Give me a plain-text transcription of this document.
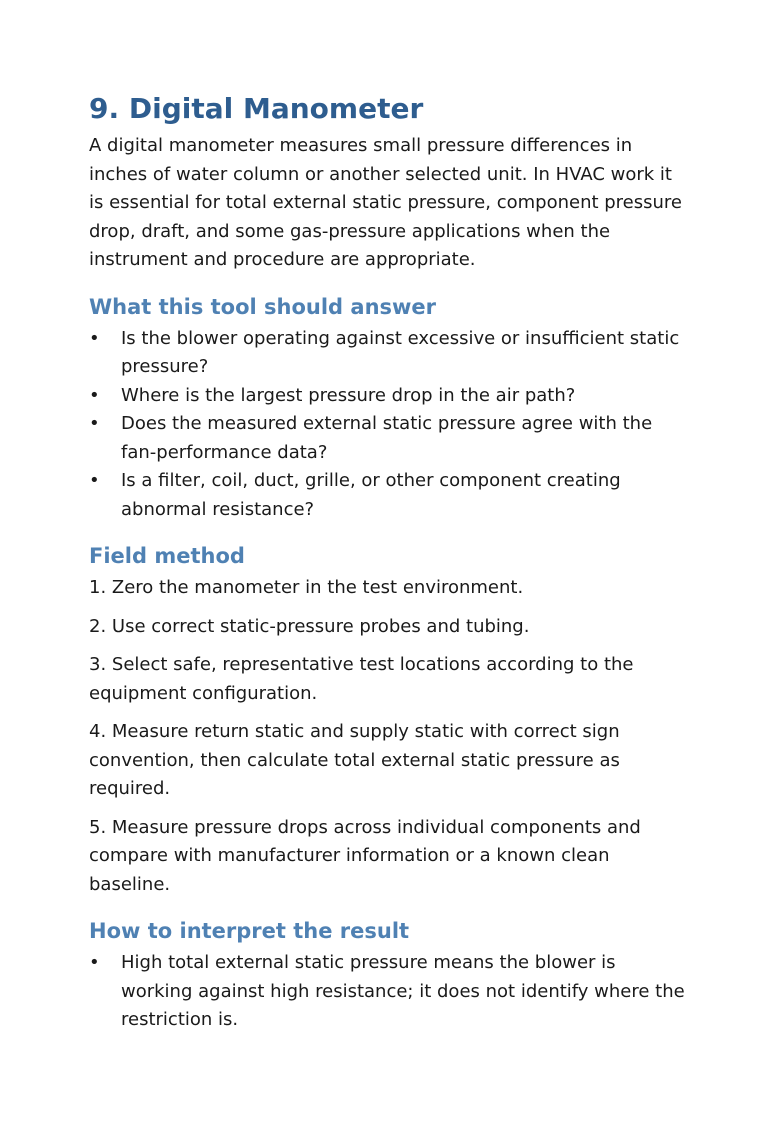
9. Digital Manometer

A digital manometer measures small pressure differences in inches of water column or another selected unit. In HVAC work it is essential for total external static pressure, component pressure drop, draft, and some gas-pressure applications when the instrument and procedure are appropriate.

What this tool should answer
• Is the blower operating against excessive or insufficient static pressure?
• Where is the largest pressure drop in the air path?
• Does the measured external static pressure agree with the fan-performance data?
• Is a filter, coil, duct, grille, or other component creating abnormal resistance?
Field method

1. Zero the manometer in the test environment.

2. Use correct static-pressure probes and tubing.

3. Select safe, representative test locations according to the equipment configuration.

4. Measure return static and supply static with correct sign convention, then calculate total external static pressure as required.

5. Measure pressure drops across individual components and compare with manufacturer information or a known clean baseline.

How to interpret the result
• High total external static pressure means the blower is working against high resistance; it does not identify where the restriction is.
